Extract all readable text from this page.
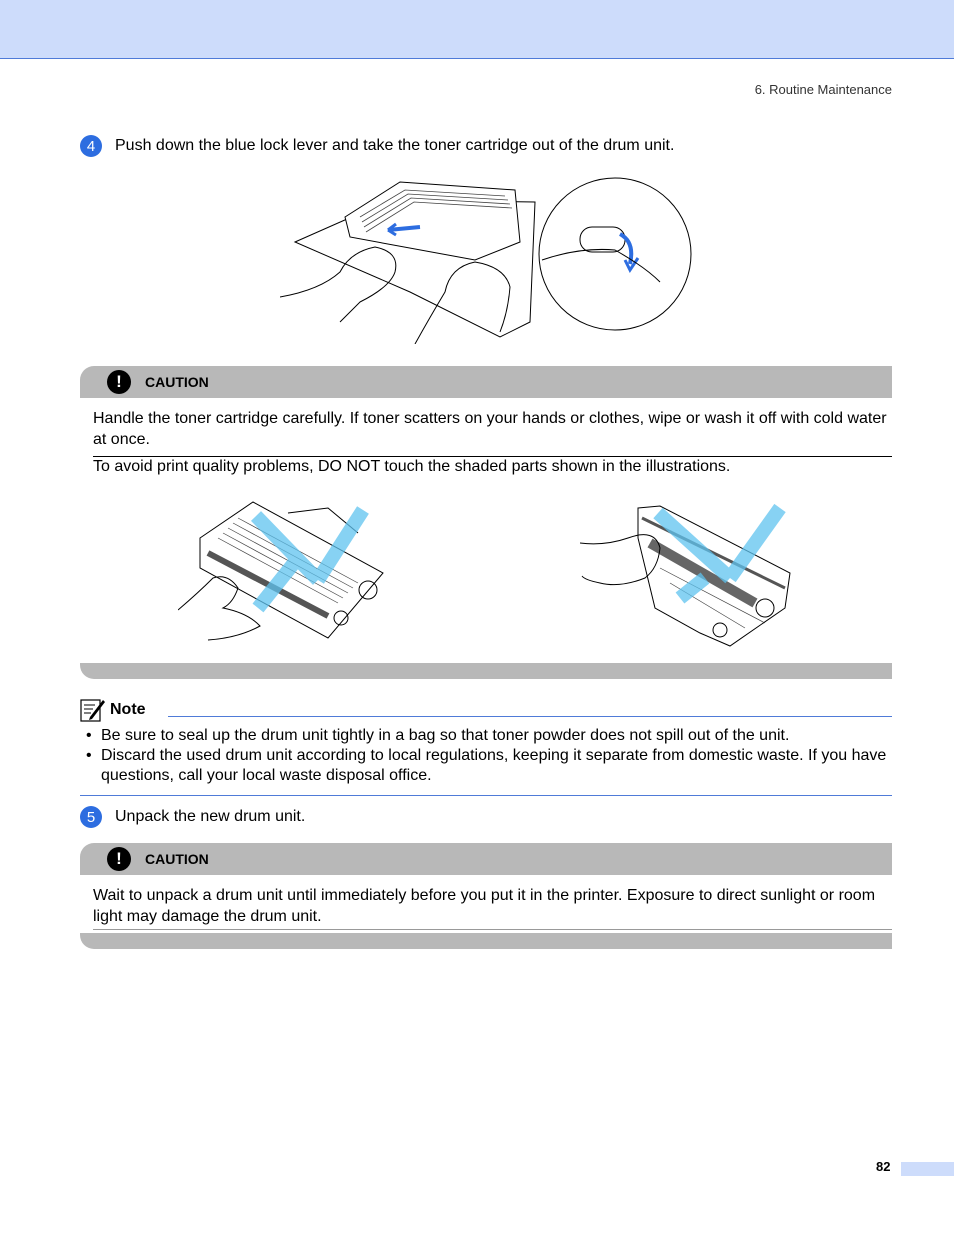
6. Routine Maintenance
4	Push down the blue lock lever and take the toner cartridge out of the drum unit.
!	CAUTION
Handle the toner cartridge carefully. If toner scatters on your hands or clothes, wipe or wash it off with cold water at once.
To avoid print quality problems, DO NOT touch the shaded parts shown in the illustrations.
Note
• Be sure to seal up the drum unit tightly in a bag so that toner powder does not spill out of the unit.
• Discard the used drum unit according to local regulations, keeping it separate from domestic waste. If you have questions, call your local waste disposal office.
5	Unpack the new drum unit.
!	CAUTION
Wait to unpack a drum unit until immediately before you put it in the printer. Exposure to direct sunlight or room light may damage the drum unit.
82
